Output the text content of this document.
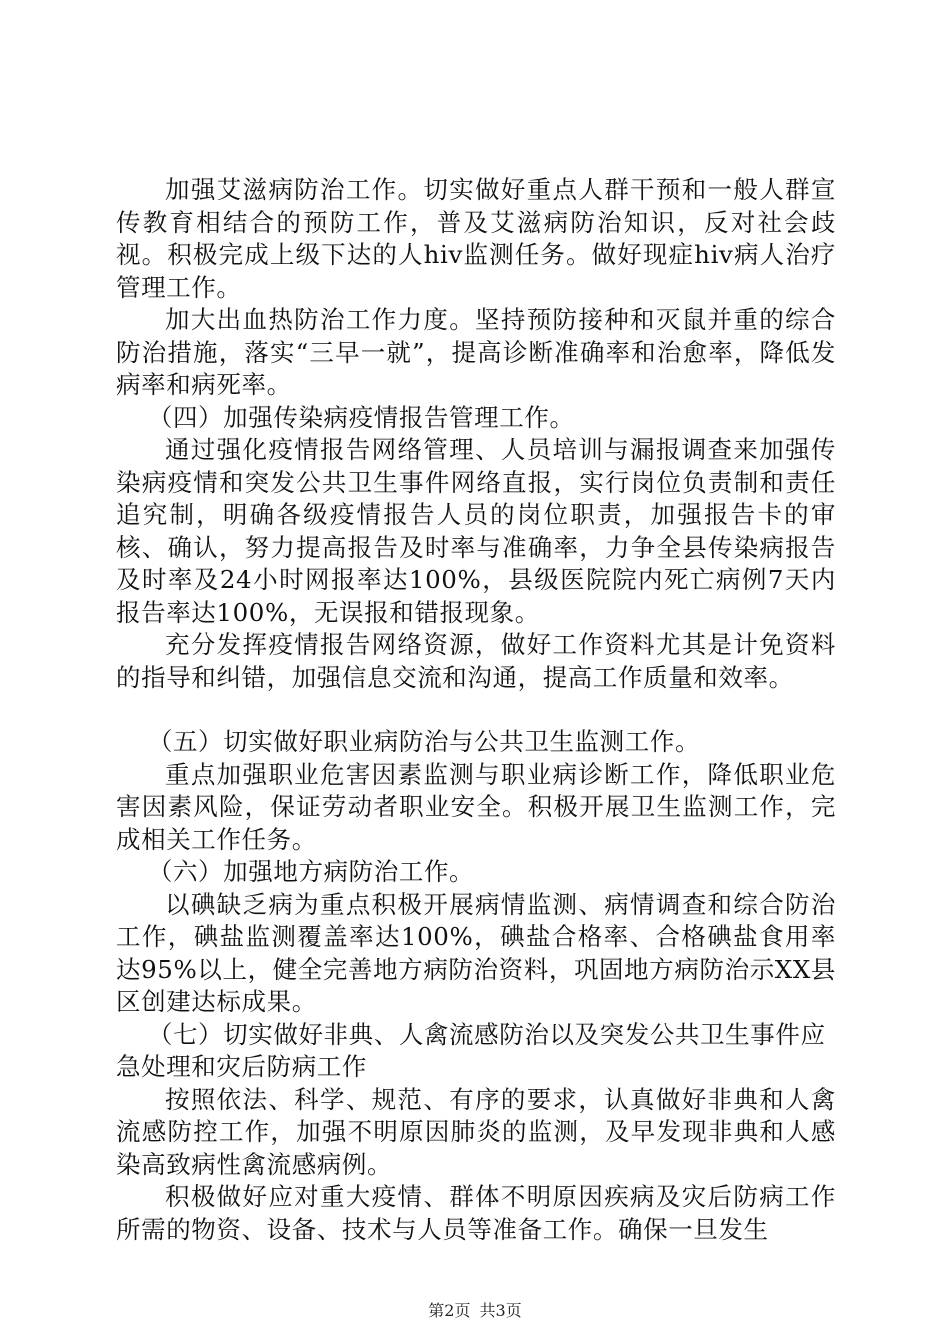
加强艾滋病防治工作。切实做好重点人群干预和一般人群宣传教育相结合的预防工作，普及艾滋病防治知识，反对社会歧视。积极完成上级下达的人hiv监测任务。做好现症hiv病人治疗管理工作。

加大出血热防治工作力度。坚持预防接种和灭鼠并重的综合防治措施，落实“三早一就”，提高诊断准确率和治愈率，降低发病率和病死率。

（四）加强传染病疫情报告管理工作。

通过强化疫情报告网络管理、人员培训与漏报调查来加强传染病疫情和突发公共卫生事件网络直报，实行岗位负责制和责任追究制，明确各级疫情报告人员的岗位职责，加强报告卡的审核、确认，努力提高报告及时率与准确率，力争全县传染病报告及时率及24小时网报率达100%，县级医院院内死亡病例7天内报告率达100%，无误报和错报现象。

充分发挥疫情报告网络资源，做好工作资料尤其是计免资料的指导和纠错，加强信息交流和沟通，提高工作质量和效率。

（五）切实做好职业病防治与公共卫生监测工作。

重点加强职业危害因素监测与职业病诊断工作，降低职业危害因素风险，保证劳动者职业安全。积极开展卫生监测工作，完成相关工作任务。

（六）加强地方病防治工作。

以碘缺乏病为重点积极开展病情监测、病情调查和综合防治工作，碘盐监测覆盖率达100%，碘盐合格率、合格碘盐食用率达95%以上，健全完善地方病防治资料，巩固地方病防治示XX县区创建达标成果。

（七）切实做好非典、人禽流感防治以及突发公共卫生事件应急处理和灾后防病工作

按照依法、科学、规范、有序的要求，认真做好非典和人禽流感防控工作，加强不明原因肺炎的监测，及早发现非典和人感染高致病性禽流感病例。

积极做好应对重大疫情、群体不明原因疾病及灾后防病工作所需的物资、设备、技术与人员等准备工作。确保一旦发生

第2页 共3页
